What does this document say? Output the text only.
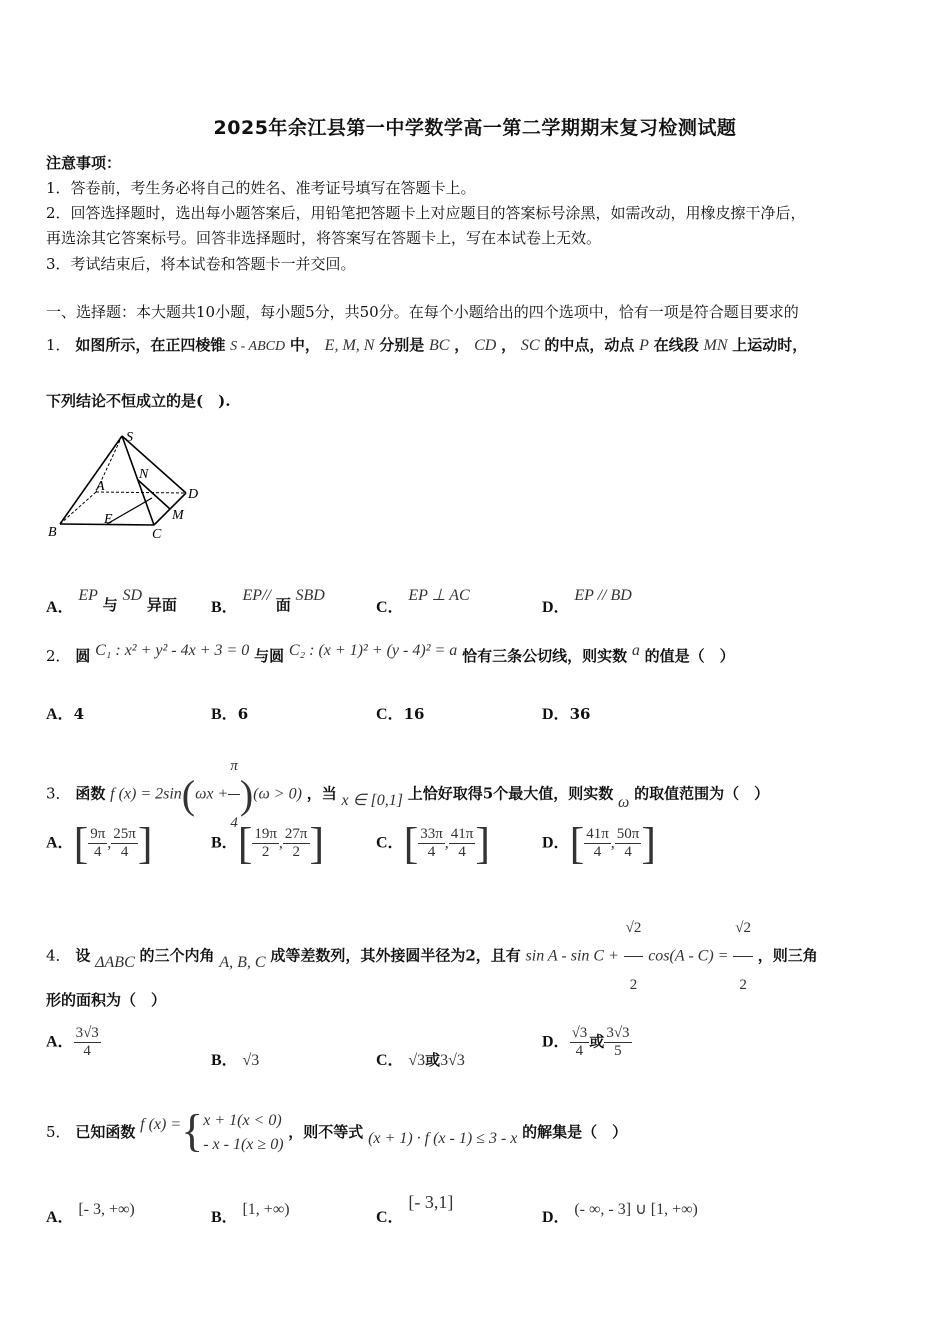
2025年余江县第一中学数学高一第二学期期末复习检测试题
注意事项：
1．答卷前，考生务必将自己的姓名、准考证号填写在答题卡上。
2．回答选择题时，选出每小题答案后，用铅笔把答题卡上对应题目的答案标号涂黑，如需改动，用橡皮擦干净后，
再选涂其它答案标号。回答非选择题时，将答案写在答题卡上，写在本试卷上无效。
3．考试结束后，将本试卷和答题卡一并交回。
一、选择题：本大题共10小题，每小题5分，共50分。在每个小题给出的四个选项中，恰有一项是符合题目要求的
1． 如图所示，在正四棱锥 S - ABCD 中， E, M, N 分别是 BC ， CD ， SC 的中点，动点 P 在线段 MN 上运动时，
下列结论不恒成立的是(　).
S
N
A
D
M
E
B	C
A． EP 与 SD 异面 B． EP// 面 SBD
C． EP ⊥ AC
D． EP // BD
2． 圆 C₁ : x² + y² - 4x + 3 = 0 与圆 C₂ : (x + 1)² + (y - 4)² = a 恰有三条公切线，则实数 a 的值是（　）
A．4	B．6	C．16	D．36
3． 函数 f $(x) = 2\sin(\omega x + \frac{\pi}{4} )(\omega > 0)$ ，当 x ∈ [0,1] 上恰好取得5个最大值，则实数 ω 的取值范围为（　）
A．[ $\frac{9\pi}{4}$ , $\frac{25\pi}{4}$ ]	B．[ $\frac{19\pi}{2}$ , $\frac{27\pi}{2}$ ]	C．[ $\frac{33\pi}{4}$ , $\frac{41\pi}{4}$ ]	D．[ $\frac{41\pi}{4}$ , $\frac{50\pi}{4}$ ]
4． 设 ΔABC 的三个内角 A, B, C 成等差数列，其外接圆半径为2，且有 $\sin A - \sin C + \frac{√2}{2} \cos(A - C) = \frac{√2}{2}$ ，则三角
形的面积为（　）
A． $\frac{3√3}{4}$
B． √3	C． √3或3√3
D． $\frac{√3}{4}$ 或 $\frac{3√3}{5}$
5． 已知函数 f (x) ={ x + 1(x < 0)
- x - 1(x ≥ 0)
，则不等式 (x + 1) · f (x - 1) ≤ 3 - x 的解集是（　）
A． [- 3, +∞)	B． [1, +∞)	C． [- 3,1]
D． (- ∞, - 3] ∪ [1, +∞)
